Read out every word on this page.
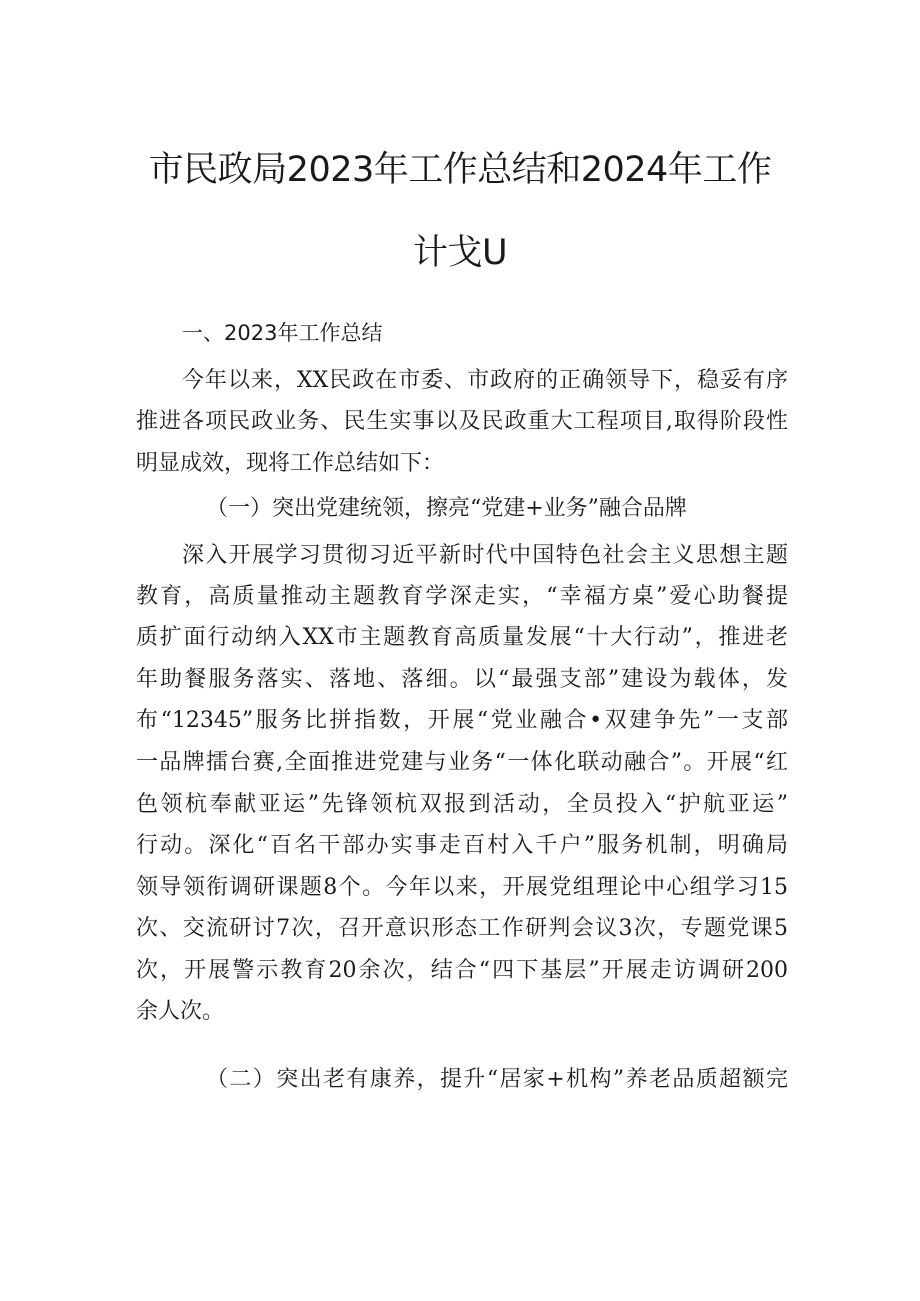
市民政局2023年工作总结和2024年工作
计戈U
一、2023年工作总结
今年以来，XX民政在市委、市政府的正确领导下，稳妥有序
推进各项民政业务、民生实事以及民政重大工程项目,取得阶段性
明显成效，现将工作总结如下：
（一）突出党建统领，擦亮“党建+业务”融合品牌
深入开展学习贯彻习近平新时代中国特色社会主义思想主题
教育，高质量推动主题教育学深走实，“幸福方桌”爱心助餐提
质扩面行动纳入XX市主题教育高质量发展“十大行动”，推进老
年助餐服务落实、落地、落细。以“最强支部”建设为载体，发
布“12345”服务比拼指数，开展“党业融合•双建争先”一支部
一品牌擂台赛,全面推进党建与业务“一体化联动融合”。开展“红
色领杭奉献亚运”先锋领杭双报到活动，全员投入“护航亚运”
行动。深化“百名干部办实事走百村入千户”服务机制，明确局
领导领衔调研课题8个。今年以来，开展党组理论中心组学习15
次、交流研讨7次，召开意识形态工作研判会议3次，专题党课5
次，开展警示教育20余次，结合“四下基层”开展走访调研200
余人次。
（二）突出老有康养，提升“居家+机构”养老品质超额完
